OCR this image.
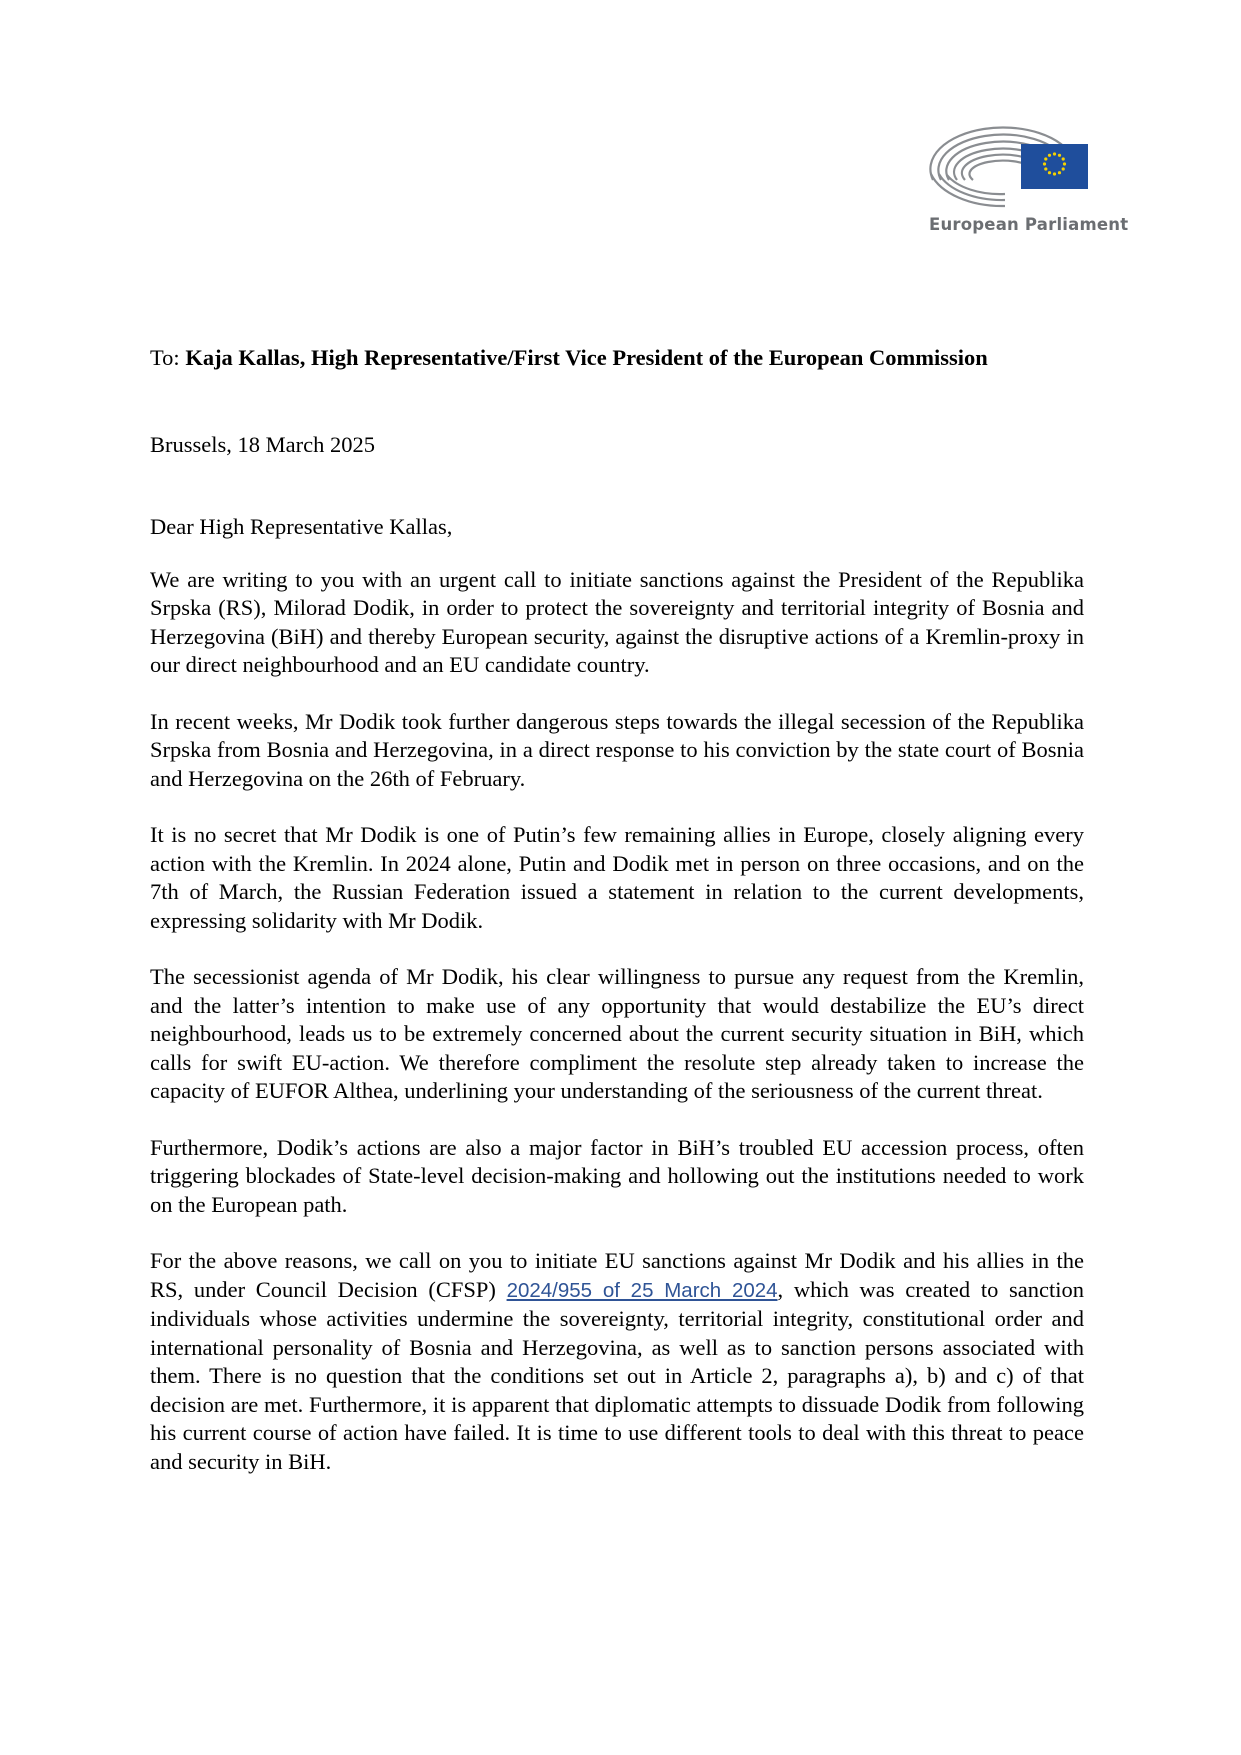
European Parliament

To: Kaja Kallas, High Representative/First Vice President of the European Commission

Brussels, 18 March 2025

Dear High Representative Kallas,

We are writing to you with an urgent call to initiate sanctions against the President of the Republika Srpska (RS), Milorad Dodik, in order to protect the sovereignty and territorial integrity of Bosnia and Herzegovina (BiH) and thereby European security, against the disruptive actions of a Kremlin-proxy in our direct neighbourhood and an EU candidate country.

In recent weeks, Mr Dodik took further dangerous steps towards the illegal secession of the Republika Srpska from Bosnia and Herzegovina, in a direct response to his conviction by the state court of Bosnia and Herzegovina on the 26th of February.

It is no secret that Mr Dodik is one of Putin’s few remaining allies in Europe, closely aligning every action with the Kremlin. In 2024 alone, Putin and Dodik met in person on three occasions, and on the 7th of March, the Russian Federation issued a statement in relation to the current developments, expressing solidarity with Mr Dodik.

The secessionist agenda of Mr Dodik, his clear willingness to pursue any request from the Kremlin, and the latter’s intention to make use of any opportunity that would destabilize the EU’s direct neighbourhood, leads us to be extremely concerned about the current security situation in BiH, which calls for swift EU-action. We therefore compliment the resolute step already taken to increase the capacity of EUFOR Althea, underlining your understanding of the seriousness of the current threat.

Furthermore, Dodik’s actions are also a major factor in BiH’s troubled EU accession process, often triggering blockades of State-level decision-making and hollowing out the institutions needed to work on the European path.

For the above reasons, we call on you to initiate EU sanctions against Mr Dodik and his allies in the RS, under Council Decision (CFSP) 2024/955 of 25 March 2024, which was created to sanction individuals whose activities undermine the sovereignty, territorial integrity, constitutional order and international personality of Bosnia and Herzegovina, as well as to sanction persons associated with them. There is no question that the conditions set out in Article 2, paragraphs a), b) and c) of that decision are met. Furthermore, it is apparent that diplomatic attempts to dissuade Dodik from following his current course of action have failed. It is time to use different tools to deal with this threat to peace and security in BiH.
